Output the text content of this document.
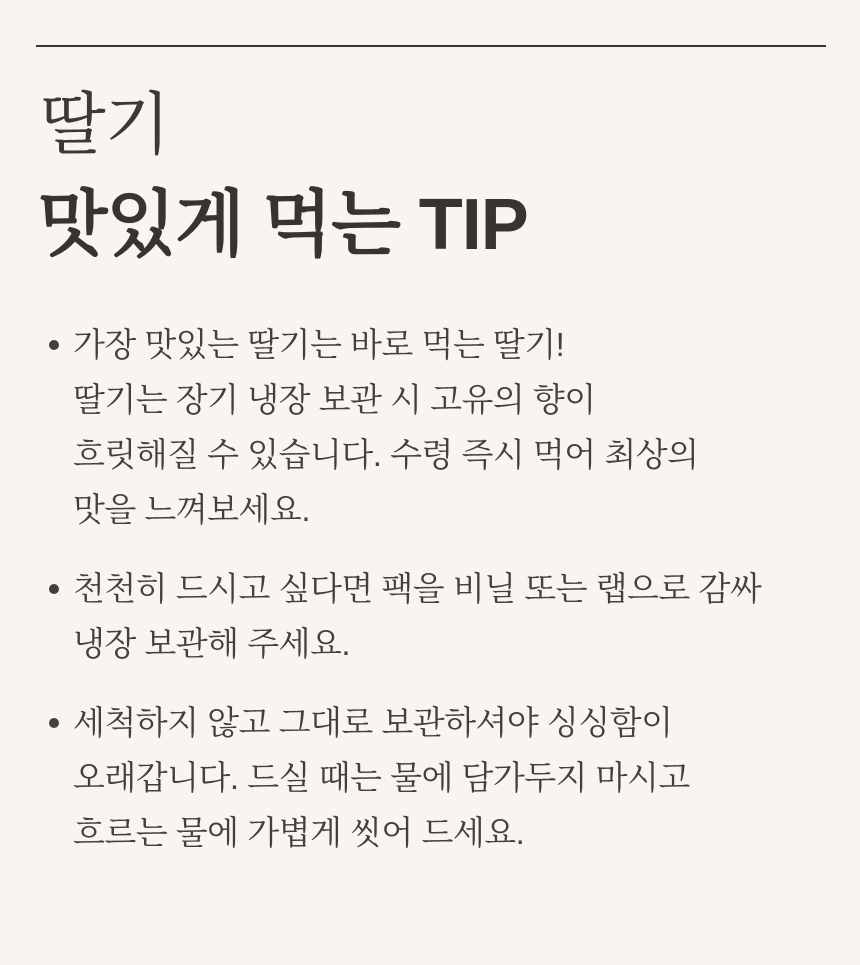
딸기
맛있게 먹는 TIP
가장 맛있는 딸기는 바로 먹는 딸기!
딸기는 장기 냉장 보관 시 고유의 향이
흐릿해질 수 있습니다. 수령 즉시 먹어 최상의
맛을 느껴보세요.
천천히 드시고 싶다면 팩을 비닐 또는 랩으로 감싸
냉장 보관해 주세요.
세척하지 않고 그대로 보관하셔야 싱싱함이
오래갑니다. 드실 때는 물에 담가두지 마시고
흐르는 물에 가볍게 씻어 드세요.
